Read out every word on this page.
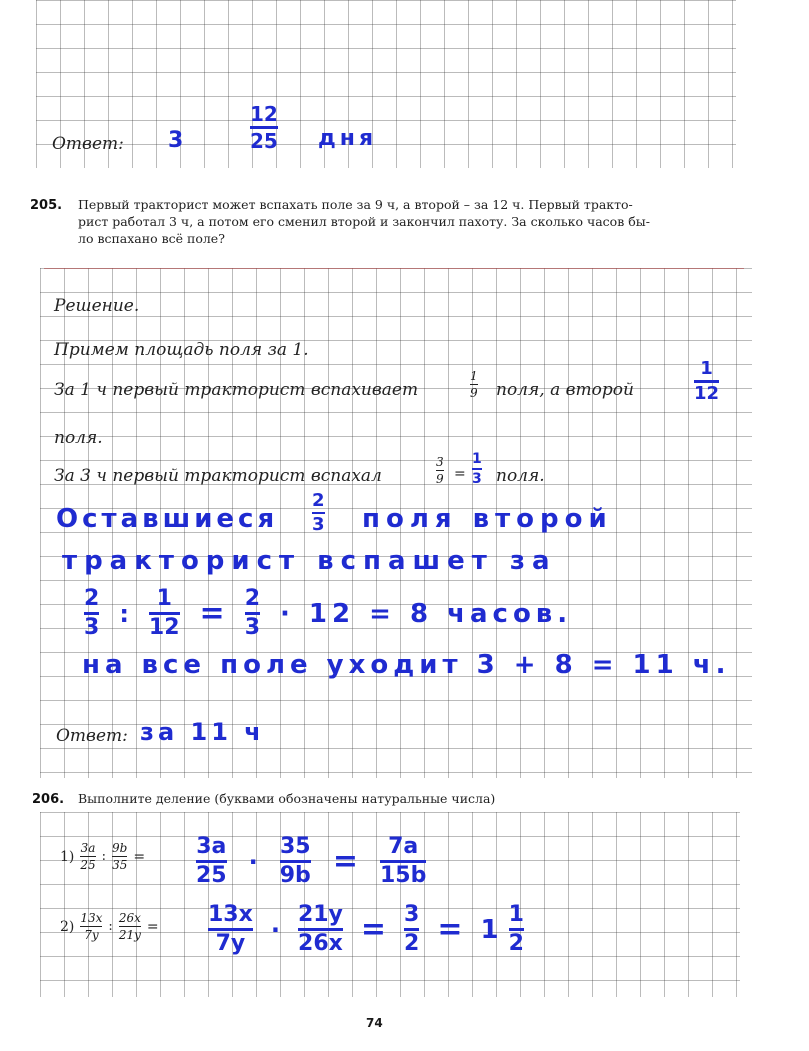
Ответ: 3	$\frac{12}{25}$ дня
205. Первый тракторист может вспахать поле за 9 ч, а второй – за 12 ч. Первый тракто-
рист работал 3 ч, а потом его сменил второй и закончил пахоту. За сколько часов бы-
ло вспахано всё поле?
Решение.
Примем площадь поля за 1.
За 1 ч первый тракторист вспахивает	$\frac{1}{9}$ поля, а второй	$\frac{1}{12}$
поля.
За 3 ч первый тракторист вспахал	$\frac{3}{9} = \frac{1}{3}$ поля.
Оставшиеся $\frac{2}{3}$ поля второй
тракторист вспашет за
$\frac{2}{3}$ : $\frac{1}{12} = \frac{2}{3} \cdot 12 = 8$ часов.
на все поле уходит 3 + 8 = 11 ч.
Ответ: за 11 ч
206. Выполните деление (буквами обозначены натуральные числа)
$1) \frac{3a}{25}$ : $\frac{9b}{35} = \frac{3a}{25} \cdot \frac{35}{9b} = \frac{7a}{15b}$
$2) \frac{13x}{7y}$ : $\frac{26x}{21y} = \frac{13x}{7y} \cdot \frac{21y}{26x} = \frac{3}{2} = 1 \frac{1}{2}$
74
